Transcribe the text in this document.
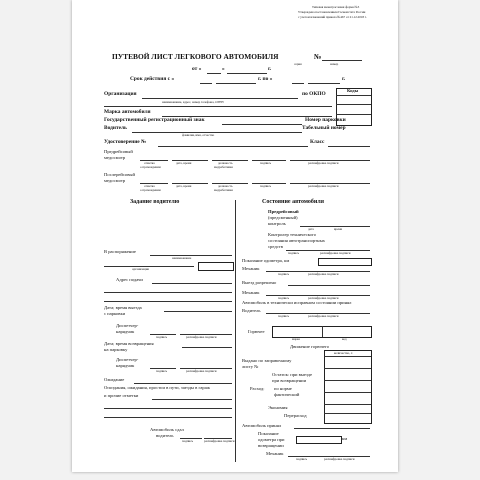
Типовая межотраслевая форма №3
Утверждена постановлением Госкомстата России
с учетом изменений приказа №467 от 21.12.2018 г.
ПУТЕВОЙ ЛИСТ ЛЕГКОВОГО АВТОМОБИЛЯ	№
серия	номер
от «	»	г.
Срок действия с «	г. по «	г.
Коды
Организация	по ОКПО
наименование, адрес, номер телефона, ОГРН
Марка автомобиля
Государственный регистрационный знак	Номер парковки
Водитель	Табельный номер
фамилия, имя, отчество
Удостоверение №	Класс
Предрейсовый
медосмотр
отметка
о прохождении
дата, время	должность
медработника
подпись	расшифровка подписи
Послерейсовый
медосмотр
отметка
о прохождении
дата, время	должность
медработника
подпись	расшифровка подписи
Задание водителю	Состояние автомобиля
В распоряжение
наименование
организация
Адрес подачи
Дата; время выезда
с парковки
Диспетчер-
нарядчик
подпись	расшифровка подписи
Дата; время возвращения
на парковку
Диспетчер-
нарядчик
подпись	расшифровка подписи
Ожидание
Опоздания, ожидания, простои в пути, заезды в гараж
и прочие отметки
Автомобиль сдал
водитель
подпись	расшифровка подписи
Предрейсовый
(предсменный)
контроль
дата	время
Контролер технического
состояния автотранспортных
средств
подпись	расшифровка подписи
Показание одометра, км
Механик
подпись	расшифровка подписи
Выезд разрешено
Механик
подпись	расшифровка подписи
Автомобиль в технически исправном состоянии принял
Водитель
подпись	расшифровка подписи
Горючее
марка	код
Движение горючего
количество, л
Выдано по заправочному
листу №
Остаток: при выезде
при возвращении
Расход: по норме
фактический
Экономия
Перерасход
Автомобиль принял
Показание
одометра при
возвращении
км
Механик
подпись	расшифровка подписи
